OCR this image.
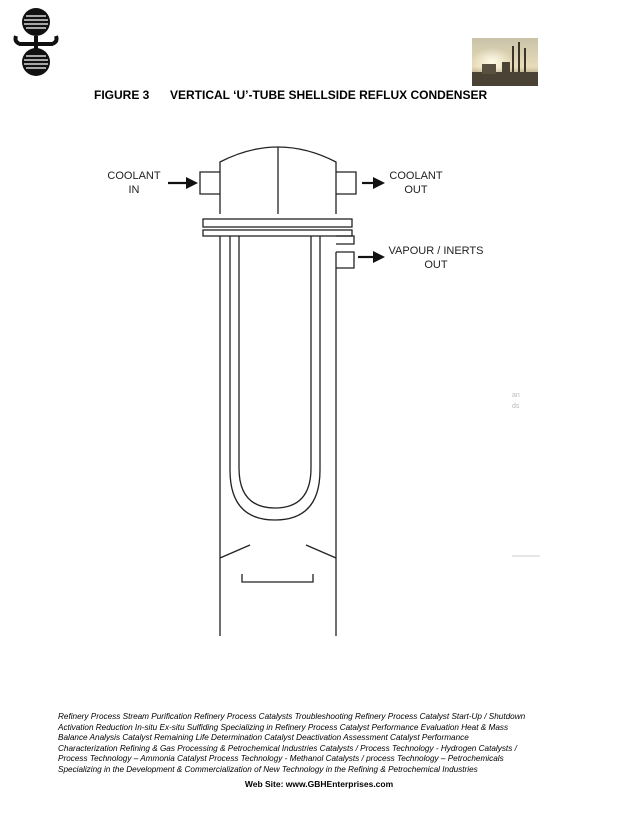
FIGURE 3 VERTICAL ‘U’-TUBE SHELLSIDE REFLUX CONDENSER
COOLANT
IN
COOLANT
OUT
VAPOUR / INERTS
OUT
an
ds
Refinery Process Stream Purification Refinery Process Catalysts Troubleshooting Refinery Process Catalyst Start-Up / Shutdown
Activation Reduction In-situ Ex-situ Sulfiding Specializing in Refinery Process Catalyst Performance Evaluation Heat & Mass
Balance Analysis Catalyst Remaining Life Determination Catalyst Deactivation Assessment Catalyst Performance
Characterization Refining & Gas Processing & Petrochemical Industries Catalysts / Process Technology - Hydrogen Catalysts /
Process Technology – Ammonia Catalyst Process Technology - Methanol Catalysts / process Technology – Petrochemicals
Specializing in the Development & Commercialization of New Technology in the Refining & Petrochemical Industries
Web Site: www.GBHEnterprises.com
